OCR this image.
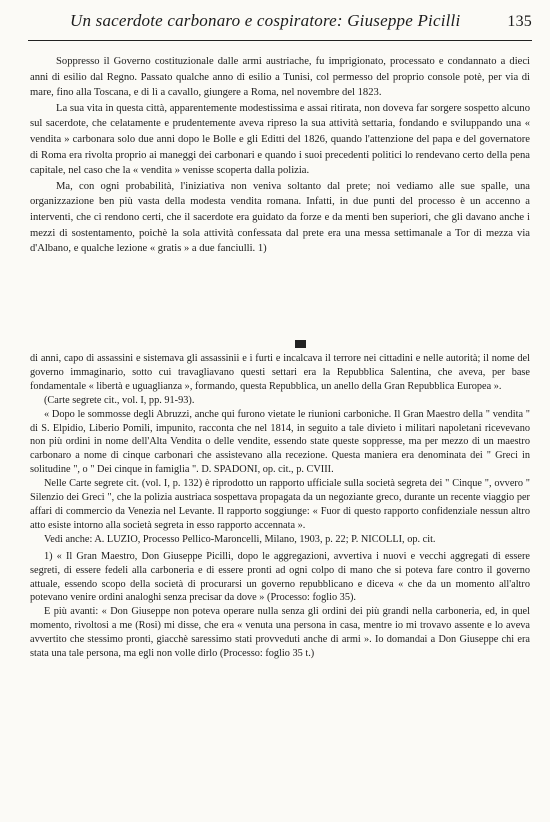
Un sacerdote carbonaro e cospiratore: Giuseppe Picilli	135

Soppresso il Governo costituzionale dalle armi austriache, fu imprigionato, processato e condannato a dieci anni di esilio dal Regno. Passato qualche anno di esilio a Tunisi, col permesso del proprio console potè, per via di mare, fino alla Toscana, e di lì a cavallo, giungere a Roma, nel novembre del 1823.

La sua vita in questa città, apparentemente modestissima e assai ritirata, non doveva far sorgere sospetto alcuno sul sacerdote, che celatamente e prudentemente aveva ripreso la sua attività settaria, fondando e sviluppando una « vendita » carbonara solo due anni dopo le Bolle e gli Editti del 1826, quando l'attenzione del papa e del governatore di Roma era rivolta proprio ai maneggi dei carbonari e quando i suoi precedenti politici lo rendevano certo della pena capitale, nel caso che la « vendita » venisse scoperta dalla polizia.

Ma, con ogni probabilità, l'iniziativa non veniva soltanto dal prete; noi vediamo alle sue spalle, una organizzazione ben più vasta della modesta vendita romana. Infatti, in due punti del processo è un accenno a interventi, che ci rendono certi, che il sacerdote era guidato da forze e da menti ben superiori, che gli davano anche i mezzi di sostentamento, poichè la sola attività confessata dal prete era una messa settimanale a Tor di mezza via d'Albano, e qualche lezione « gratis » a due fanciulli. 1)

di anni, capo di assassini e sistemava gli assassinii e i furti e incalcava il terrore nei cittadini e nelle autorità; il nome del governo immaginario, sotto cui travagliavano questi settari era la Repubblica Salentina, che aveva, per base fondamentale « libertà e uguaglianza », formando, questa Repubblica, un anello della Gran Repubblica Europea ».

(Carte segrete cit., vol. I, pp. 91-93).

« Dopo le sommosse degli Abruzzi, anche qui furono vietate le riunioni carboniche. Il Gran Maestro della " vendita " di S. Elpidio, Liberio Pomili, impunito, racconta che nel 1814, in seguito a tale divieto i militari napoletani ricevevano non più ordini in nome dell'Alta Vendita o delle vendite, essendo state queste soppresse, ma per mezzo di un maestro carbonaro a nome di cinque carbonari che assistevano alla recezione. Questa maniera era denominata dei " Greci in solitudine ", o " Dei cinque in famiglia ". D. SPADONI, op. cit., p. CVIII.

Nelle Carte segrete cit. (vol. I, p. 132) è riprodotto un rapporto ufficiale sulla società segreta dei " Cinque ", ovvero " Silenzio dei Greci ", che la polizia austriaca sospettava propagata da un negoziante greco, durante un recente viaggio per affari di commercio da Venezia nel Levante. Il rapporto soggiunge: « Fuor di questo rapporto confidenziale nessun altro atto esiste intorno alla società segreta in esso rapporto accennata ».

Vedi anche: A. LUZIO, Processo Pellico-Maroncelli, Milano, 1903, p. 22; P. NICOLLI, op. cit.

1) « Il Gran Maestro, Don Giuseppe Picilli, dopo le aggregazioni, avvertiva i nuovi e vecchi aggregati di essere segreti, di essere fedeli alla carboneria e di essere pronti ad ogni colpo di mano che si poteva fare contro il governo attuale, essendo scopo della società di procurarsi un governo repubblicano e diceva « che da un momento all'altro potevano venire ordini analoghi senza precisar da dove » (Processo: foglio 35).

E più avanti: « Don Giuseppe non poteva operare nulla senza gli ordini dei più grandi nella carboneria, ed, in quel momento, rivoltosi a me (Rosi) mi disse, che era « venuta una persona in casa, mentre io mi trovavo assente e lo aveva avvertito che stessimo pronti, giacchè saressimo stati provveduti anche di armi ». Io domandai a Don Giuseppe chi era stata una tale persona, ma egli non volle dirlo (Processo: foglio 35 t.)
